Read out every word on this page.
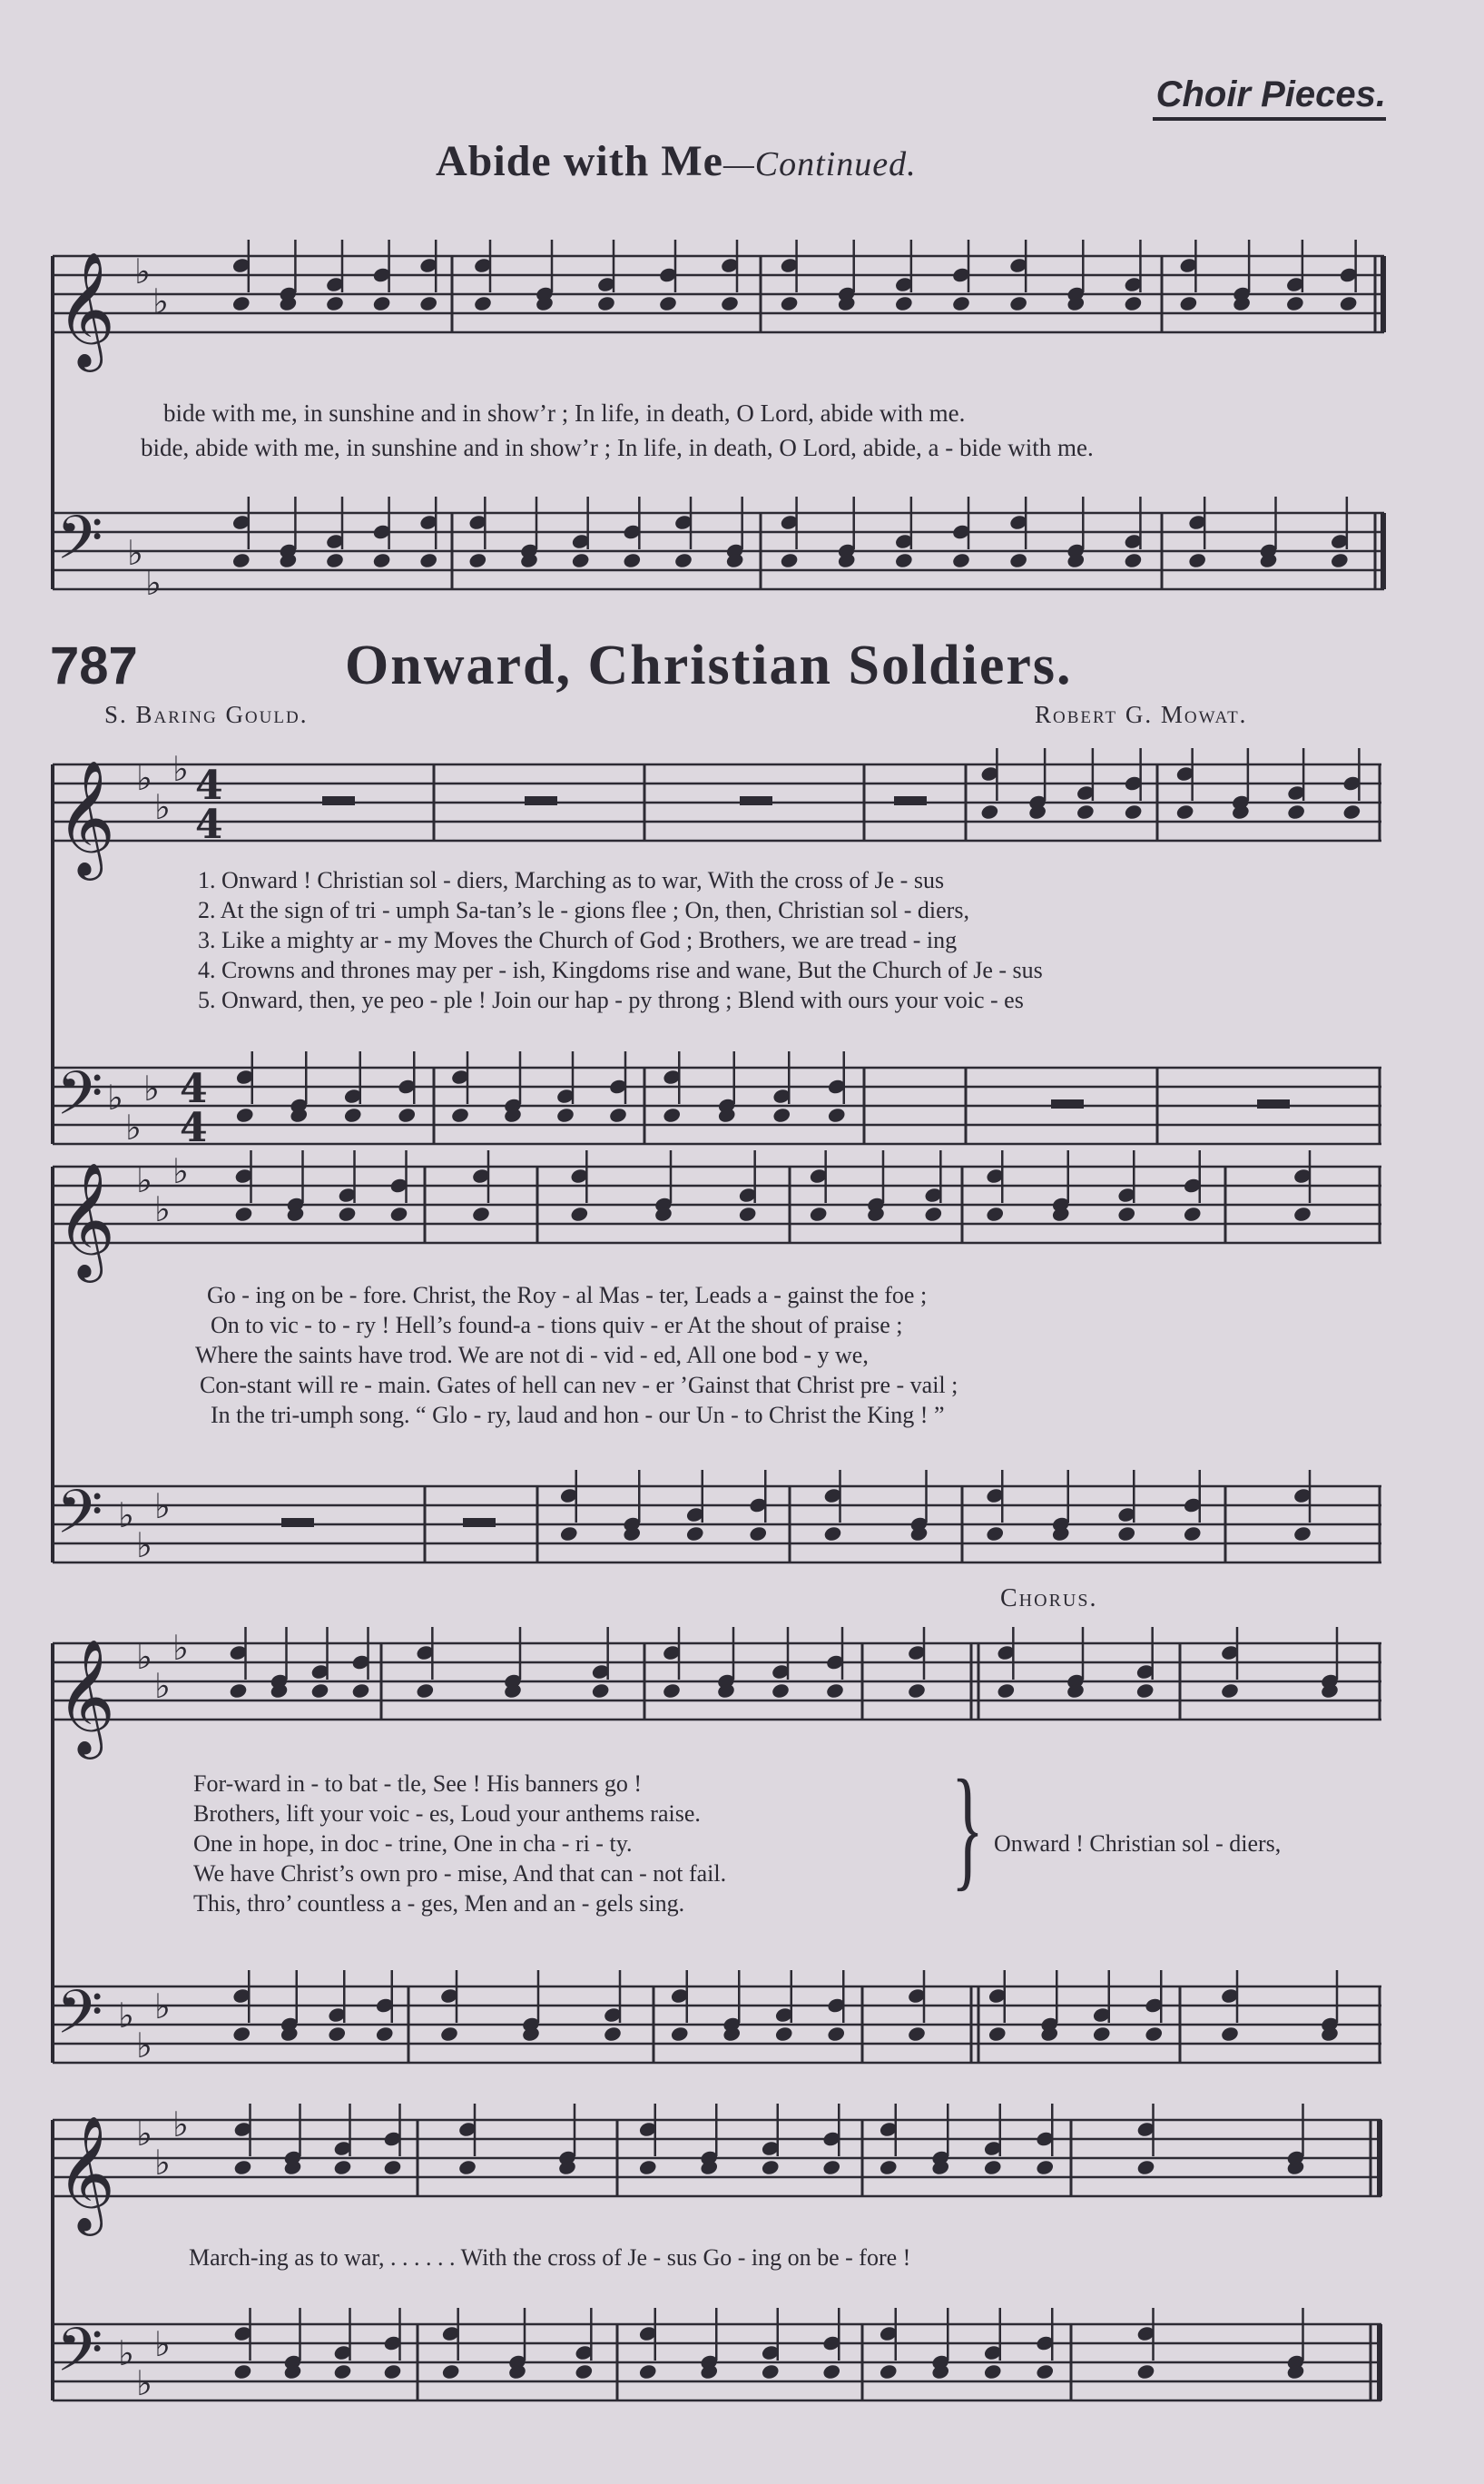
Choir Pieces.
Abide with Me—Continued.
𝄞
𝄢
𝄞
𝄢
𝄞
𝄢
𝄞
𝄢
𝄞
𝄢
♭
♭
♭
♭
♭
♭
♭
♭
♭
♭
♭
♭
♭
♭
♭
♭
♭
♭
♭
♭
♭
♭
♭
♭
♭
♭
♭
♭
4
4
4
4
bide with me, in sunshine and in show’r ; In life, in death, O Lord, abide with me.
bide, abide with me, in sunshine and in show’r ; In life, in death, O Lord, abide, a - bide with me.
787	Onward, Christian Soldiers.
S. Baring Gould.	Robert G. Mowat.
1. Onward ! Christian sol - diers, Marching as to war, With the cross of Je - sus
2. At the sign of tri - umph Sa-tan’s le - gions flee ; On, then, Christian sol - diers,
3. Like a mighty ar - my Moves the Church of God ; Brothers, we are tread - ing
4. Crowns and thrones may per - ish, Kingdoms rise and wane, But the Church of Je - sus
5. Onward, then, ye peo - ple ! Join our hap - py throng ; Blend with ours your voic - es
Go - ing on be - fore. Christ, the Roy - al Mas - ter, Leads a - gainst the foe ;
On to vic - to - ry ! Hell’s found-a - tions quiv - er At the shout of praise ;
Where the saints have trod. We are not di - vid - ed, All one bod - y we,
Con-stant will re - main. Gates of hell can nev - er ’Gainst that Christ pre - vail ;
In the tri-umph song. “ Glo - ry, laud and hon - our Un - to Christ the King ! ”
Chorus.
For-ward in - to bat - tle, See ! His banners go !
Brothers, lift your voic - es, Loud your anthems raise.
One in hope, in doc - trine, One in cha - ri - ty.
We have Christ’s own pro - mise, And that can - not fail.
This, thro’ countless a - ges, Men and an - gels sing.
} Onward ! Christian sol - diers,
March-ing as to war, . . . . . . With the cross of Je - sus Go - ing on be - fore !
